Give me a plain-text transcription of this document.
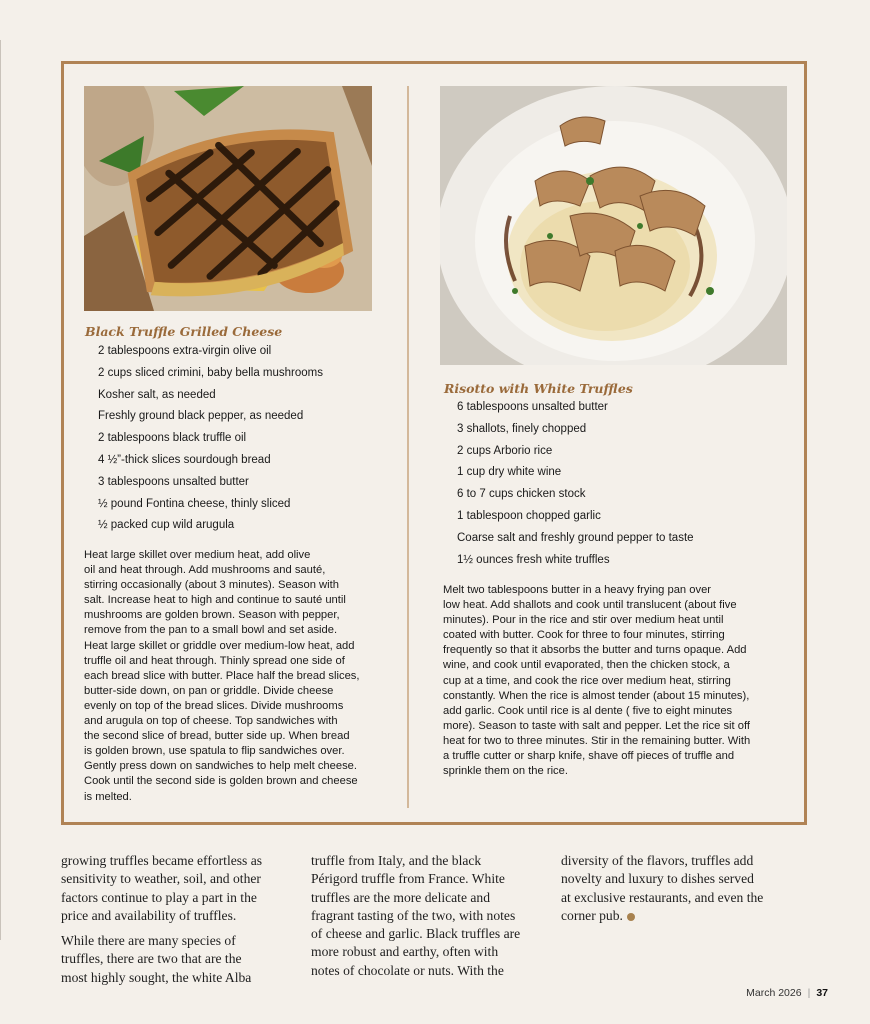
Black Truffle Grilled Cheese
2 tablespoons extra-virgin olive oil
2 cups sliced crimini, baby bella mushrooms
Kosher salt, as needed
Freshly ground black pepper, as needed
2 tablespoons black truffle oil
4 ½”-thick slices sourdough bread
3 tablespoons unsalted butter
½ pound Fontina cheese, thinly sliced
½ packed cup wild arugula
Heat large skillet over medium heat, add olive
oil and heat through. Add mushrooms and sauté,
stirring occasionally (about 3 minutes). Season with
salt. Increase heat to high and continue to sauté until
mushrooms are golden brown. Season with pepper,
remove from the pan to a small bowl and set aside.
Heat large skillet or griddle over medium-low heat, add
truffle oil and heat through. Thinly spread one side of
each bread slice with butter. Place half the bread slices,
butter-side down, on pan or griddle. Divide cheese
evenly on top of the bread slices. Divide mushrooms
and arugula on top of cheese. Top sandwiches with
the second slice of bread, butter side up. When bread
is golden brown, use spatula to flip sandwiches over.
Gently press down on sandwiches to help melt cheese.
Cook until the second side is golden brown and cheese
is melted.
Risotto with White Truffles
6 tablespoons unsalted butter
3 shallots, finely chopped
2 cups Arborio rice
1 cup dry white wine
6 to 7 cups chicken stock
1 tablespoon chopped garlic
Coarse salt and freshly ground pepper to taste
1½ ounces fresh white truffles
Melt two tablespoons butter in a heavy frying pan over
low heat. Add shallots and cook until translucent (about five
minutes). Pour in the rice and stir over medium heat until
coated with butter. Cook for three to four minutes, stirring
frequently so that it absorbs the butter and turns opaque. Add
wine, and cook until evaporated, then the chicken stock, a
cup at a time, and cook the rice over medium heat, stirring
constantly. When the rice is almost tender (about 15 minutes),
add garlic. Cook until rice is al dente ( five to eight minutes
more). Season to taste with salt and pepper. Let the rice sit off
heat for two to three minutes. Stir in the remaining butter. With
a truffle cutter or sharp knife, shave off pieces of truffle and
sprinkle them on the rice.
growing truffles became effortless as
sensitivity to weather, soil, and other
factors continue to play a part in the
price and availability of truffles.
While there are many species of
truffles, there are two that are the
most highly sought, the white Alba
truffle from Italy, and the black
Périgord truffle from France. White
truffles are the more delicate and
fragrant tasting of the two, with notes
of cheese and garlic. Black truffles are
more robust and earthy, often with
notes of chocolate or nuts. With the
diversity of the flavors, truffles add
novelty and luxury to dishes served
at exclusive restaurants, and even the
corner pub.
March 2026 | 37
